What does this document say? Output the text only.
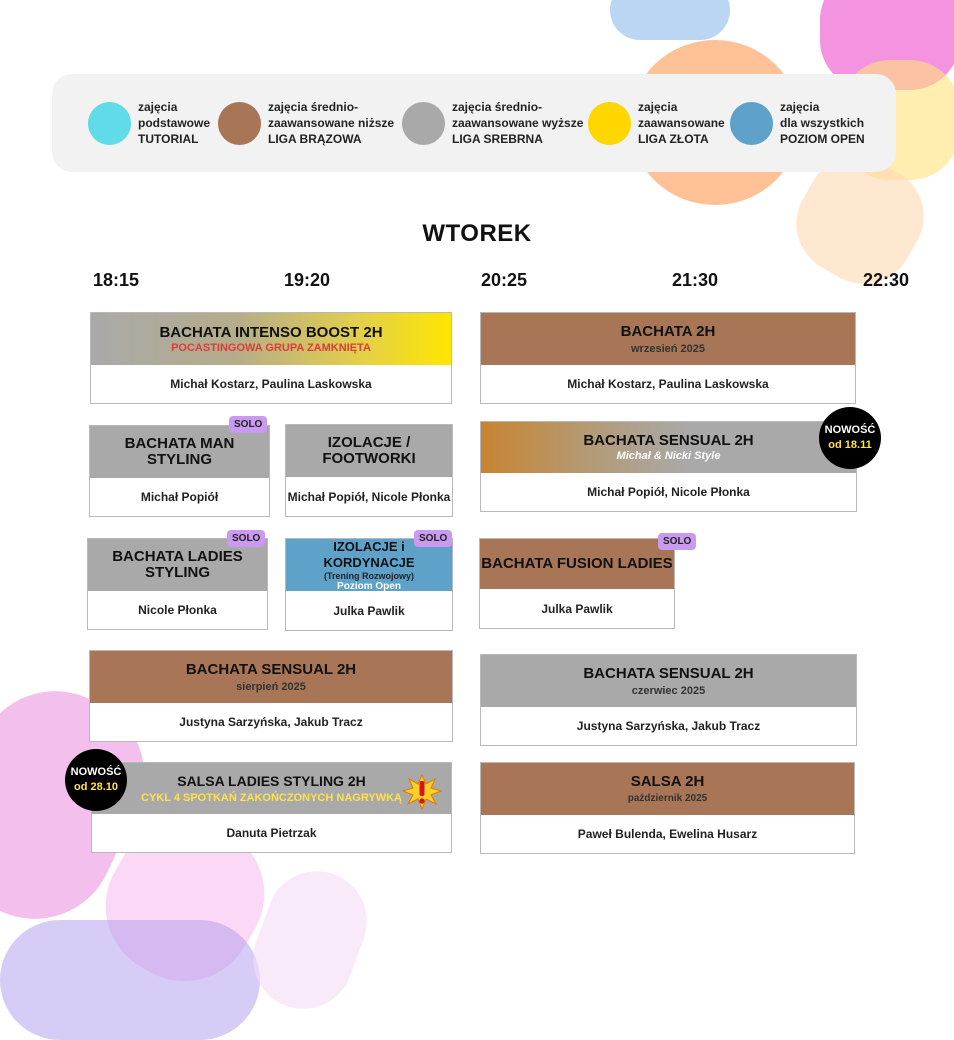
zajęcia
podstawowe
TUTORIAL
zajęcia średnio-
zaawansowane niższe
LIGA BRĄZOWA
zajęcia średnio-
zaawansowane wyższe
LIGA SREBRNA
zajęcia
zaawansowane
LIGA ZŁOTA
zajęcia
dla wszystkich
POZIOM OPEN
WTOREK
18:15	19:20	20:25	21:30	22:30
BACHATA INTENSO BOOST 2H
POCASTINGOWA GRUPA ZAMKNIĘTA
Michał Kostarz, Paulina Laskowska
BACHATA 2H
wrzesień 2025
Michał Kostarz, Paulina Laskowska
BACHATA MAN
STYLING
Michał Popiół
SOLO
IZOLACJE /
FOOTWORKI
Michał Popiół, Nicole Płonka
BACHATA SENSUAL 2H
Michał & Nicki Style
Michał Popiół, Nicole Płonka
NOWOŚĆ
od 18.11
BACHATA LADIES
STYLING
Nicole Płonka
SOLO	IZOLACJE i KORDYNACJE
(Trening Rozwojowy)
Poziom Open
Julka Pawlik
SOLO
BACHATA FUSION LADIES
Julka Pawlik
SOLO
BACHATA SENSUAL 2H
sierpień 2025
Justyna Sarzyńska, Jakub Tracz
BACHATA SENSUAL 2H
czerwiec 2025
Justyna Sarzyńska, Jakub Tracz
SALSA LADIES STYLING 2H
CYKL 4 SPOTKAŃ ZAKOŃCZONYCH NAGRYWKĄ
Danuta Pietrzak
NOWOŚĆ
od 28.10	SALSA 2H
październik 2025
Paweł Bulenda, Ewelina Husarz
